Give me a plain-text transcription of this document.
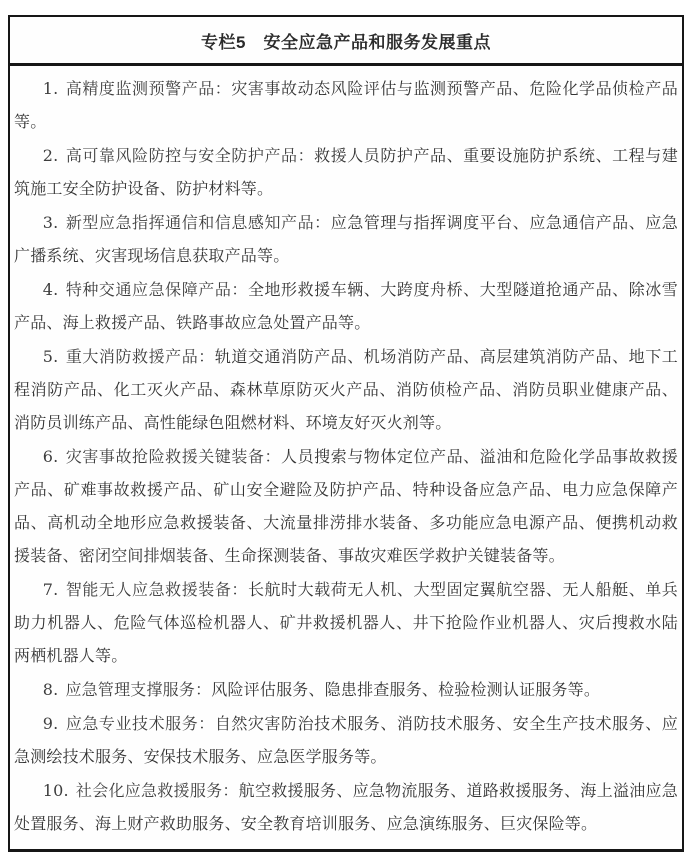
专栏5　安全应急产品和服务发展重点

1. 高精度监测预警产品：灾害事故动态风险评估与监测预警产品、危险化学品侦检产品等。

2. 高可靠风险防控与安全防护产品：救援人员防护产品、重要设施防护系统、工程与建筑施工安全防护设备、防护材料等。

3. 新型应急指挥通信和信息感知产品：应急管理与指挥调度平台、应急通信产品、应急广播系统、灾害现场信息获取产品等。

4. 特种交通应急保障产品：全地形救援车辆、大跨度舟桥、大型隧道抢通产品、除冰雪产品、海上救援产品、铁路事故应急处置产品等。

5. 重大消防救援产品：轨道交通消防产品、机场消防产品、高层建筑消防产品、地下工程消防产品、化工灭火产品、森林草原防灭火产品、消防侦检产品、消防员职业健康产品、消防员训练产品、高性能绿色阻燃材料、环境友好灭火剂等。

6. 灾害事故抢险救援关键装备：人员搜索与物体定位产品、溢油和危险化学品事故救援产品、矿难事故救援产品、矿山安全避险及防护产品、特种设备应急产品、电力应急保障产品、高机动全地形应急救援装备、大流量排涝排水装备、多功能应急电源产品、便携机动救援装备、密闭空间排烟装备、生命探测装备、事故灾难医学救护关键装备等。

7. 智能无人应急救援装备：长航时大载荷无人机、大型固定翼航空器、无人船艇、单兵助力机器人、危险气体巡检机器人、矿井救援机器人、井下抢险作业机器人、灾后搜救水陆两栖机器人等。

8. 应急管理支撑服务：风险评估服务、隐患排查服务、检验检测认证服务等。

9. 应急专业技术服务：自然灾害防治技术服务、消防技术服务、安全生产技术服务、应急测绘技术服务、安保技术服务、应急医学服务等。

10. 社会化应急救援服务：航空救援服务、应急物流服务、道路救援服务、海上溢油应急处置服务、海上财产救助服务、安全教育培训服务、应急演练服务、巨灾保险等。
